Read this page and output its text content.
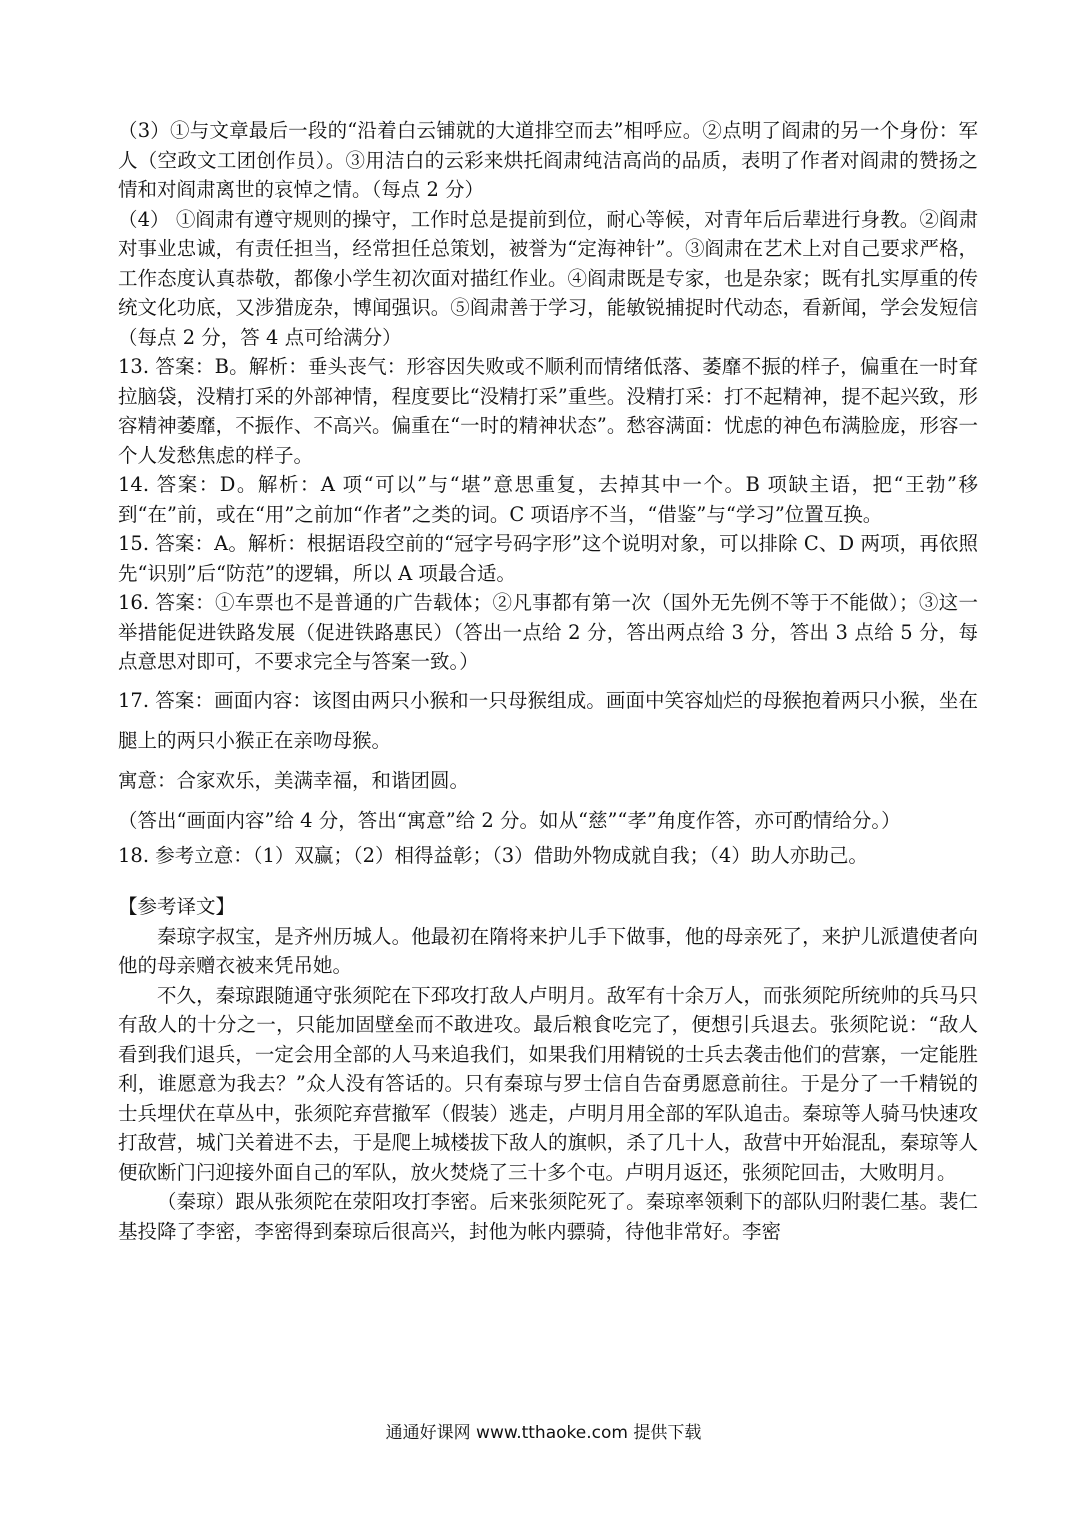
（3）①与文章最后一段的“沿着白云铺就的大道排空而去”相呼应。②点明了阎肃的另一个身份：军人（空政文工团创作员）。③用洁白的云彩来烘托阎肃纯洁高尚的品质，表明了作者对阎肃的赞扬之情和对阎肃离世的哀悼之情。（每点 2 分）

（4） ①阎肃有遵守规则的操守，工作时总是提前到位，耐心等候，对青年后后辈进行身教。②阎肃对事业忠诚，有责任担当，经常担任总策划，被誉为“定海神针”。③阎肃在艺术上对自己要求严格，工作态度认真恭敬，都像小学生初次面对描红作业。④阎肃既是专家，也是杂家；既有扎实厚重的传统文化功底，又涉猎庞杂，博闻强识。⑤阎肃善于学习，能敏锐捕捉时代动态，看新闻，学会发短信（每点 2 分，答 4 点可给满分）

13. 答案：B。解析：垂头丧气：形容因失败或不顺利而情绪低落、萎靡不振的样子，偏重在一时耷拉脑袋，没精打采的外部神情，程度要比“没精打采”重些。没精打采：打不起精神，提不起兴致，形容精神萎靡，不振作、不高兴。偏重在“一时的精神状态”。愁容满面：忧虑的神色布满脸庞，形容一个人发愁焦虑的样子。

14. 答案：D。解析：A 项“可以”与“堪”意思重复，去掉其中一个。B 项缺主语，把“王勃”移到“在”前，或在“用”之前加“作者”之类的词。C 项语序不当，“借鉴”与“学习”位置互换。

15. 答案：A。解析：根据语段空前的“冠字号码字形”这个说明对象，可以排除 C、D 两项，再依照先“识别”后“防范”的逻辑，所以 A 项最合适。

16. 答案：①车票也不是普通的广告载体；②凡事都有第一次（国外无先例不等于不能做）；③这一举措能促进铁路发展（促进铁路惠民）（答出一点给 2 分，答出两点给 3 分，答出 3 点给 5 分，每点意思对即可，不要求完全与答案一致。）

17. 答案：画面内容：该图由两只小猴和一只母猴组成。画面中笑容灿烂的母猴抱着两只小猴，坐在腿上的两只小猴正在亲吻母猴。

寓意：合家欢乐，美满幸福，和谐团圆。

（答出“画面内容”给 4 分，答出“寓意”给 2 分。如从“慈”“孝”角度作答，亦可酌情给分。）

18. 参考立意：（1）双赢；（2）相得益彰；（3）借助外物成就自我；（4）助人亦助己。

【参考译文】

秦琼字叔宝，是齐州历城人。他最初在隋将来护儿手下做事，他的母亲死了，来护儿派遣使者向他的母亲赠衣被来凭吊她。

不久，秦琼跟随通守张须陀在下邳攻打敌人卢明月。敌军有十余万人，而张须陀所统帅的兵马只有敌人的十分之一，只能加固壁垒而不敢进攻。最后粮食吃完了，便想引兵退去。张须陀说：“敌人看到我们退兵，一定会用全部的人马来追我们，如果我们用精锐的士兵去袭击他们的营寨，一定能胜利，谁愿意为我去？”众人没有答话的。只有秦琼与罗士信自告奋勇愿意前往。于是分了一千精锐的士兵埋伏在草丛中，张须陀弃营撤军（假装）逃走，卢明月用全部的军队追击。秦琼等人骑马快速攻打敌营，城门关着进不去，于是爬上城楼拔下敌人的旗帜，杀了几十人，敌营中开始混乱，秦琼等人便砍断门闩迎接外面自己的军队，放火焚烧了三十多个屯。卢明月返还，张须陀回击，大败明月。

（秦琼）跟从张须陀在荥阳攻打李密。后来张须陀死了。秦琼率领剩下的部队归附裴仁基。裴仁基投降了李密，李密得到秦琼后很高兴，封他为帐内骠骑，待他非常好。李密

通通好课网 www.tthaoke.com 提供下载
